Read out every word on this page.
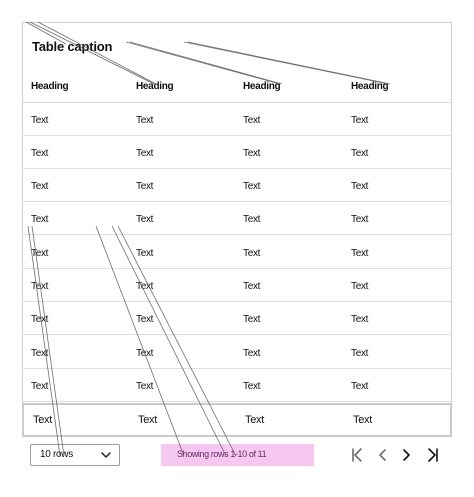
Table caption
Heading	Heading	Heading	Heading
Text	Text	Text	Text
Text	Text	Text	Text
Text	Text	Text	Text
Text	Text	Text	Text
Text	Text	Text	Text
Text	Text	Text	Text
Text	Text	Text	Text
Text	Text	Text	Text
Text	Text	Text	Text
Text	Text	Text	Text
10 rows	Showing rows 1-10 of 11
